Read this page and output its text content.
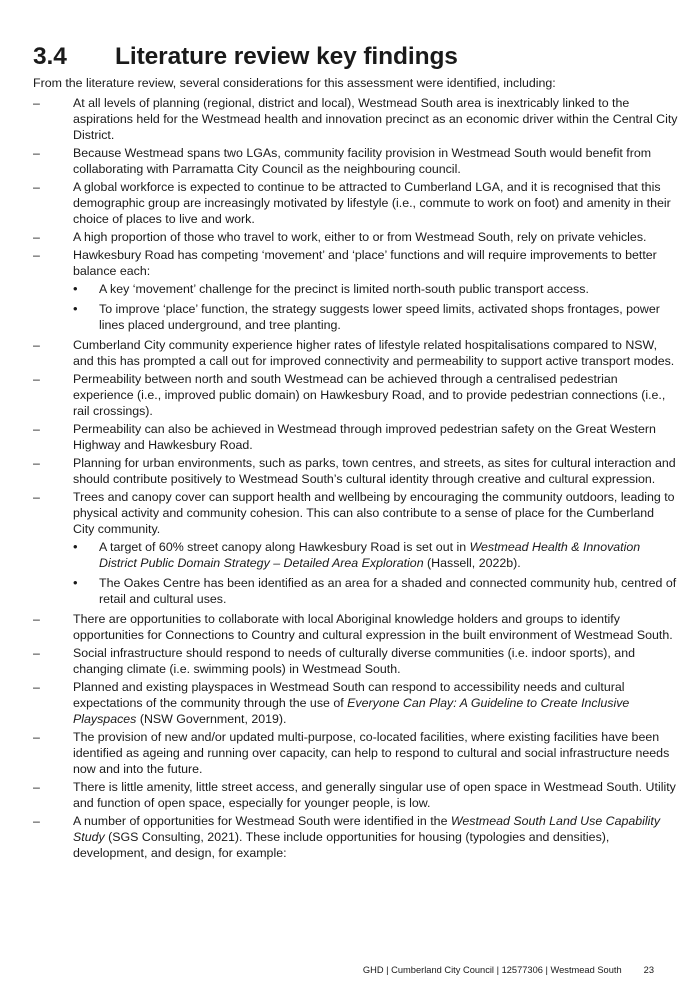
3.4 Literature review key findings

From the literature review, several considerations for this assessment were identified, including:

– At all levels of planning (regional, district and local), Westmead South area is inextricably linked to the aspirations held for the Westmead health and innovation precinct as an economic driver within the Central City District.
– Because Westmead spans two LGAs, community facility provision in Westmead South would benefit from collaborating with Parramatta City Council as the neighbouring council.
– A global workforce is expected to continue to be attracted to Cumberland LGA, and it is recognised that this demographic group are increasingly motivated by lifestyle (i.e., commute to work on foot) and amenity in their choice of places to live and work.
– A high proportion of those who travel to work, either to or from Westmead South, rely on private vehicles.
– Hawkesbury Road has competing ‘movement’ and ‘place’ functions and will require improvements to better balance each:
• A key ‘movement’ challenge for the precinct is limited north-south public transport access.
• To improve ‘place’ function, the strategy suggests lower speed limits, activated shops frontages, power lines placed underground, and tree planting.
– Cumberland City community experience higher rates of lifestyle related hospitalisations compared to NSW, and this has prompted a call out for improved connectivity and permeability to support active transport modes.
– Permeability between north and south Westmead can be achieved through a centralised pedestrian experience (i.e., improved public domain) on Hawkesbury Road, and to provide pedestrian connections (i.e., rail crossings).
– Permeability can also be achieved in Westmead through improved pedestrian safety on the Great Western Highway and Hawkesbury Road.
– Planning for urban environments, such as parks, town centres, and streets, as sites for cultural interaction and should contribute positively to Westmead South’s cultural identity through creative and cultural expression.
– Trees and canopy cover can support health and wellbeing by encouraging the community outdoors, leading to physical activity and community cohesion. This can also contribute to a sense of place for the Cumberland City community.
• A target of 60% street canopy along Hawkesbury Road is set out in Westmead Health & Innovation District Public Domain Strategy – Detailed Area Exploration (Hassell, 2022b).
• The Oakes Centre has been identified as an area for a shaded and connected community hub, centred of retail and cultural uses.
– There are opportunities to collaborate with local Aboriginal knowledge holders and groups to identify opportunities for Connections to Country and cultural expression in the built environment of Westmead South.
– Social infrastructure should respond to needs of culturally diverse communities (i.e. indoor sports), and changing climate (i.e. swimming pools) in Westmead South.
– Planned and existing playspaces in Westmead South can respond to accessibility needs and cultural expectations of the community through the use of Everyone Can Play: A Guideline to Create Inclusive Playspaces (NSW Government, 2019).
– The provision of new and/or updated multi-purpose, co-located facilities, where existing facilities have been identified as ageing and running over capacity, can help to respond to cultural and social infrastructure needs now and into the future.
– There is little amenity, little street access, and generally singular use of open space in Westmead South. Utility and function of open space, especially for younger people, is low.
– A number of opportunities for Westmead South were identified in the Westmead South Land Use Capability Study (SGS Consulting, 2021). These include opportunities for housing (typologies and densities), development, and design, for example:
GHD | Cumberland City Council | 12577306 | Westmead South 23
